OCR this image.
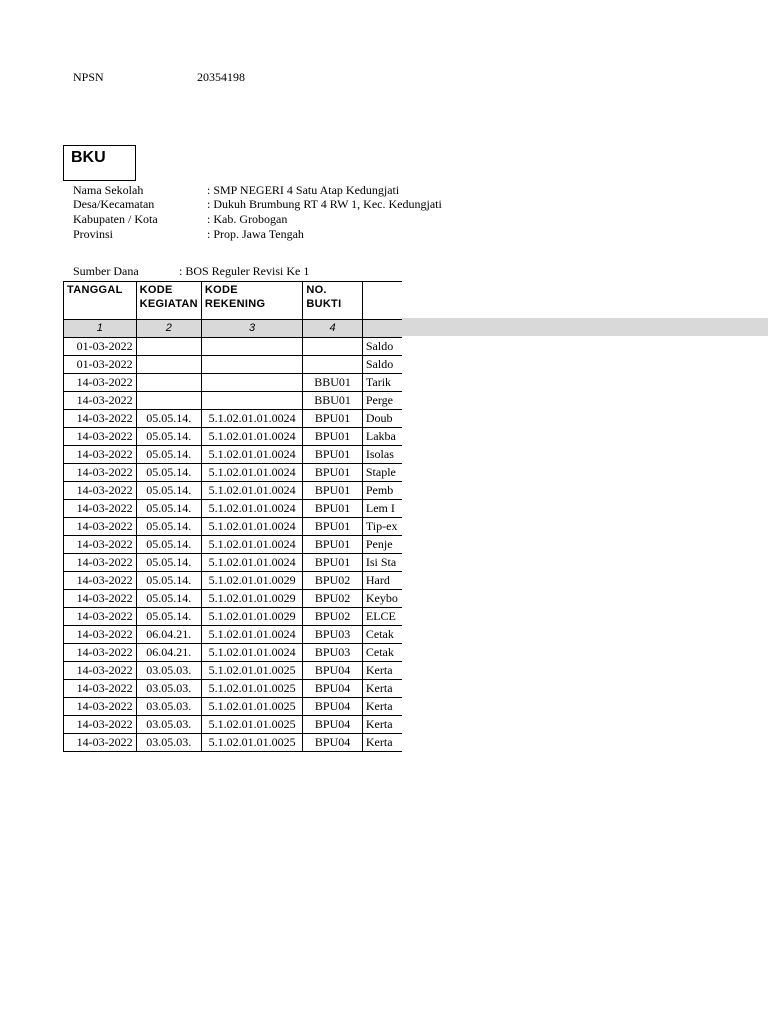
NPSN	20354198
BKU
Nama Sekolah	: SMP NEGERI 4 Satu Atap Kedungjati
Desa/Kecamatan	: Dukuh Brumbung RT 4 RW 1, Kec. Kedungjati
Kabupaten / Kota	: Kab. Grobogan
Provinsi	: Prop. Jawa Tengah
Sumber Dana	: BOS Reguler Revisi Ke 1
TANGGAL	KODE KEGIATAN	KODE REKENING	NO. BUKTI	
1	2	3	4	
01-03-2022				Saldo
01-03-2022				Saldo
14-03-2022			BBU01	Tarik
14-03-2022			BBU01	Perge
14-03-2022	05.05.14.	5.1.02.01.01.0024	BPU01	Doub
14-03-2022	05.05.14.	5.1.02.01.01.0024	BPU01	Lakba
14-03-2022	05.05.14.	5.1.02.01.01.0024	BPU01	Isolas
14-03-2022	05.05.14.	5.1.02.01.01.0024	BPU01	Staple
14-03-2022	05.05.14.	5.1.02.01.01.0024	BPU01	Pemb
14-03-2022	05.05.14.	5.1.02.01.01.0024	BPU01	Lem I
14-03-2022	05.05.14.	5.1.02.01.01.0024	BPU01	Tip-ex
14-03-2022	05.05.14.	5.1.02.01.01.0024	BPU01	Penje
14-03-2022	05.05.14.	5.1.02.01.01.0024	BPU01	Isi Sta
14-03-2022	05.05.14.	5.1.02.01.01.0029	BPU02	Hard
14-03-2022	05.05.14.	5.1.02.01.01.0029	BPU02	Keybo
14-03-2022	05.05.14.	5.1.02.01.01.0029	BPU02	ELCE
14-03-2022	06.04.21.	5.1.02.01.01.0024	BPU03	Cetak
14-03-2022	06.04.21.	5.1.02.01.01.0024	BPU03	Cetak
14-03-2022	03.05.03.	5.1.02.01.01.0025	BPU04	Kerta
14-03-2022	03.05.03.	5.1.02.01.01.0025	BPU04	Kerta
14-03-2022	03.05.03.	5.1.02.01.01.0025	BPU04	Kerta
14-03-2022	03.05.03.	5.1.02.01.01.0025	BPU04	Kerta
14-03-2022	03.05.03.	5.1.02.01.01.0025	BPU04	Kerta
